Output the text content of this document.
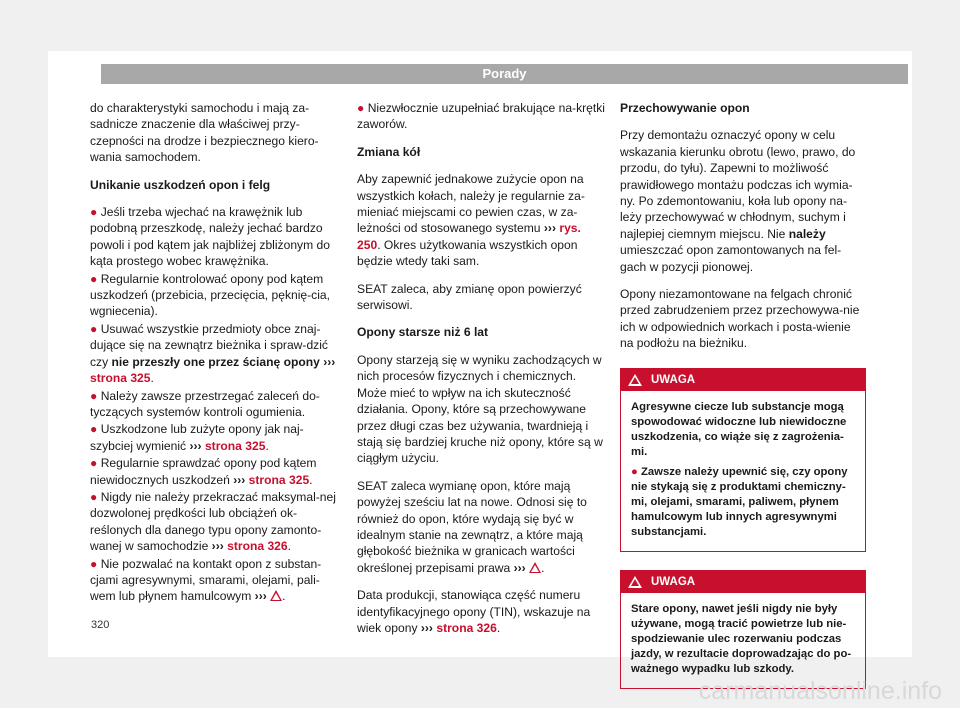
Porady

do charakterystyki samochodu i mają za-sadnicze znaczenie dla właściwej przy-czepności na drodze i bezpiecznego kiero-wania samochodem.

Unikanie uszkodzeń opon i felg

● Jeśli trzeba wjechać na krawężnik lub podobną przeszkodę, należy jechać bardzo powoli i pod kątem jak najbliżej zbliżonym do kąta prostego wobec krawężnika.

● Regularnie kontrolować opony pod kątem uszkodzeń (przebicia, przecięcia, pęknię-cia, wgniecenia).

● Usuwać wszystkie przedmioty obce znaj-dujące się na zewnątrz bieżnika i spraw-dzić czy nie przeszły one przez ścianę opony ››› strona 325.

● Należy zawsze przestrzegać zaleceń do-tyczących systemów kontroli ogumienia.

● Uszkodzone lub zużyte opony jak naj-szybciej wymienić ››› strona 325.

● Regularnie sprawdzać opony pod kątem niewidocznych uszkodzeń ››› strona 325.

● Nigdy nie należy przekraczać maksymal-nej dozwolonej prędkości lub obciążeń ok-reślonych dla danego typu opony zamonto-wanej w samochodzie ››› strona 326.

● Nie pozwalać na kontakt opon z substan-cjami agresywnymi, smarami, olejami, pali-wem lub płynem hamulcowym ››› .

● Niezwłocznie uzupełniać brakujące na-krętki zaworów.

Zmiana kół

Aby zapewnić jednakowe zużycie opon na wszystkich kołach, należy je regularnie za-mieniać miejscami co pewien czas, w za-leżności od stosowanego systemu ››› rys. 250. Okres użytkowania wszystkich opon będzie wtedy taki sam.

SEAT zaleca, aby zmianę opon powierzyć serwisowi.

Opony starsze niż 6 lat

Opony starzeją się w wyniku zachodzących w nich procesów fizycznych i chemicznych. Może mieć to wpływ na ich skuteczność działania. Opony, które są przechowywane przez długi czas bez używania, twardnieją i stają się bardziej kruche niż opony, które są w ciągłym użyciu.

SEAT zaleca wymianę opon, które mają powyżej sześciu lat na nowe. Odnosi się to również do opon, które wydają się być w idealnym stanie na zewnątrz, a które mają głębokość bieżnika w granicach wartości określonej przepisami prawa ››› .

Data produkcji, stanowiąca część numeru identyfikacyjnego opony (TIN), wskazuje na wiek opony ››› strona 326.

Przechowywanie opon

Przy demontażu oznaczyć opony w celu wskazania kierunku obrotu (lewo, prawo, do przodu, do tyłu). Zapewni to możliwość prawidłowego montażu podczas ich wymia-ny. Po zdemontowaniu, koła lub opony na-leży przechowywać w chłodnym, suchym i najlepiej ciemnym miejscu. Nie należy umieszczać opon zamontowanych na fel-gach w pozycji pionowej.

Opony niezamontowane na felgach chronić przed zabrudzeniem przez przechowywa-nie ich w odpowiednich workach i posta-wienie na podłożu na bieżniku.

UWAGA

Agresywne ciecze lub substancje mogą spowodować widoczne lub niewidoczne uszkodzenia, co wiąże się z zagrożenia-mi.

● Zawsze należy upewnić się, czy opony nie stykają się z produktami chemiczny-mi, olejami, smarami, paliwem, płynem hamulcowym lub innych agresywnymi substancjami.

UWAGA

Stare opony, nawet jeśli nigdy nie były używane, mogą tracić powietrze lub nie-spodziewanie ulec rozerwaniu podczas jazdy, w rezultacie doprowadzając do po-ważnego wypadku lub szkody.

320
carmanualsonline.info
